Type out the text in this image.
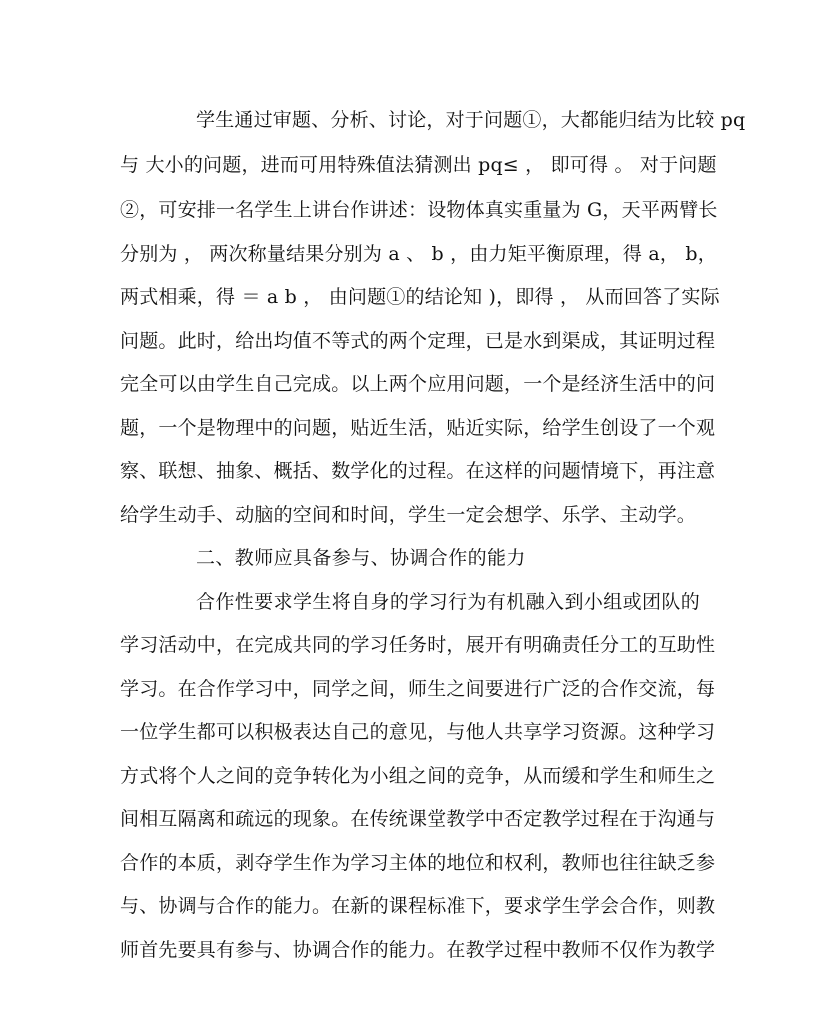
学生通过审题、分析、讨论，对于问题①，大都能归结为比较 pq
与 大小的问题，进而可用特殊值法猜测出 pq≤ ， 即可得 。 对于问题
②，可安排一名学生上讲台作讲述：设物体真实重量为 G，天平两臂长
分别为 ， 两次称量结果分别为 a 、 b ，由力矩平衡原理，得 a， b，
两式相乘，得 ＝ a b ， 由问题①的结论知 )，即得 ， 从而回答了实际
问题。此时，给出均值不等式的两个定理，已是水到渠成，其证明过程
完全可以由学生自己完成。以上两个应用问题，一个是经济生活中的问
题，一个是物理中的问题，贴近生活，贴近实际，给学生创设了一个观
察、联想、抽象、概括、数学化的过程。在这样的问题情境下，再注意
给学生动手、动脑的空间和时间，学生一定会想学、乐学、主动学。
二、教师应具备参与、协调合作的能力
合作性要求学生将自身的学习行为有机融入到小组或团队的
学习活动中，在完成共同的学习任务时，展开有明确责任分工的互助性
学习。在合作学习中，同学之间，师生之间要进行广泛的合作交流，每
一位学生都可以积极表达自己的意见，与他人共享学习资源。这种学习
方式将个人之间的竞争转化为小组之间的竞争，从而缓和学生和师生之
间相互隔离和疏远的现象。在传统课堂教学中否定教学过程在于沟通与
合作的本质，剥夺学生作为学习主体的地位和权利，教师也往往缺乏参
与、协调与合作的能力。在新的课程标准下，要求学生学会合作，则教
师首先要具有参与、协调合作的能力。在教学过程中教师不仅作为教学
